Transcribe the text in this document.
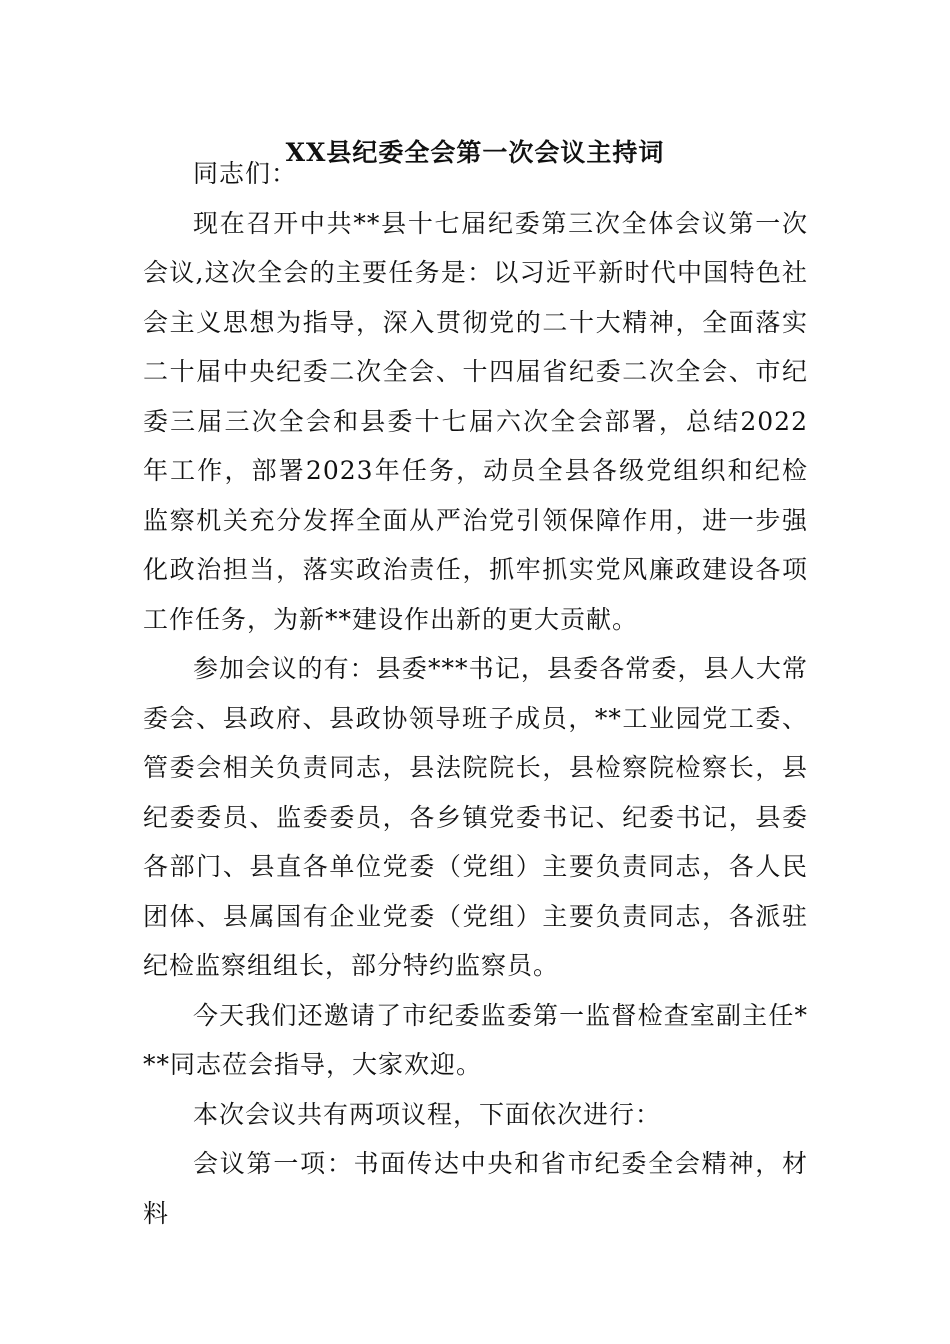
XX县纪委全会第一次会议主持词

同志们：

现在召开中共**县十七届纪委第三次全体会议第一次会议,这次全会的主要任务是：以习近平新时代中国特色社会主义思想为指导，深入贯彻党的二十大精神，全面落实二十届中央纪委二次全会、十四届省纪委二次全会、市纪委三届三次全会和县委十七届六次全会部署，总结2022年工作，部署2023年任务，动员全县各级党组织和纪检监察机关充分发挥全面从严治党引领保障作用，进一步强化政治担当，落实政治责任，抓牢抓实党风廉政建设各项工作任务，为新**建设作出新的更大贡献。

参加会议的有：县委***书记，县委各常委，县人大常委会、县政府、县政协领导班子成员，**工业园党工委、管委会相关负责同志，县法院院长，县检察院检察长，县纪委委员、监委委员，各乡镇党委书记、纪委书记，县委各部门、县直各单位党委（党组）主要负责同志，各人民团体、县属国有企业党委（党组）主要负责同志，各派驻纪检监察组组长，部分特约监察员。

今天我们还邀请了市纪委监委第一监督检查室副主任***同志莅会指导，大家欢迎。

本次会议共有两项议程，下面依次进行：

会议第一项：书面传达中央和省市纪委全会精神，材料
